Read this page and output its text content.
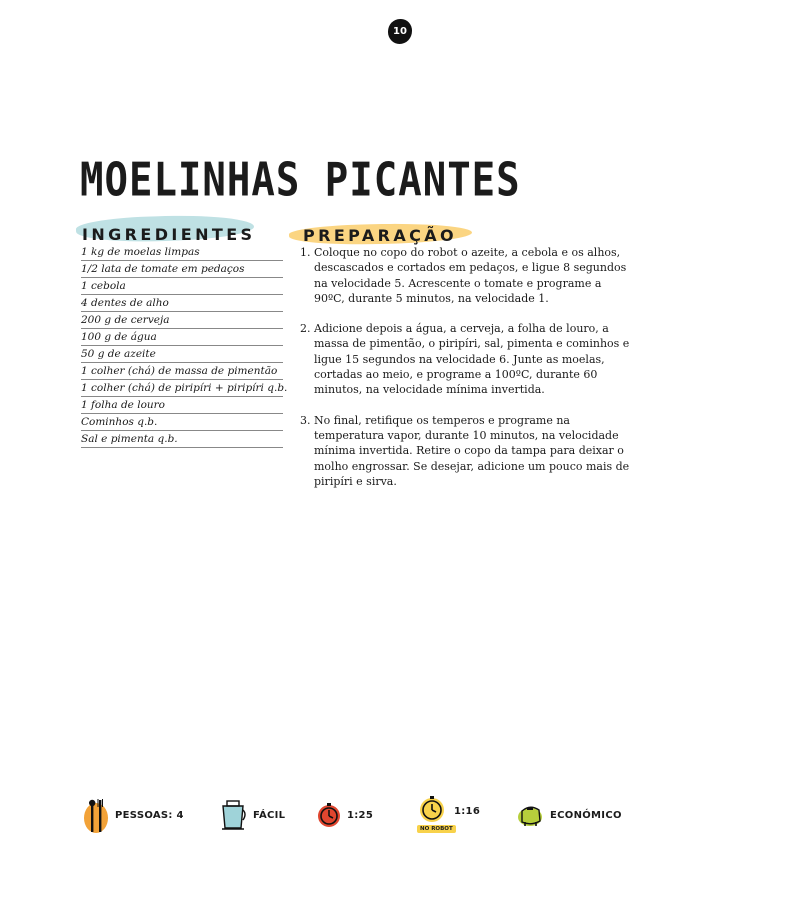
10
MOELINHAS PICANTES
INGREDIENTES
1 kg de moelas limpas
1/2 lata de tomate em pedaços
1 cebola
4 dentes de alho
200 g de cerveja
100 g de água
50 g de azeite
1 colher (chá) de massa de pimentão
1 colher (chá) de piripíri + piripíri q.b.
1 folha de louro
Cominhos q.b.
Sal e pimenta q.b.
PREPARAÇÃO
1. Coloque no copo do robot o azeite, a cebola e os alhos, descascados e cortados em pedaços, e ligue 8 segundos na velocidade 5. Acrescente o tomate e programe a 90ºC, durante 5 minutos, na velocidade 1.
2. Adicione depois a água, a cerveja, a folha de louro, a massa de pimentão, o piripíri, sal, pimenta e cominhos e ligue 15 segundos na velocidade 6. Junte as moelas, cortadas ao meio, e programe a 100ºC, durante 60 minutos, na velocidade mínima invertida.
3. No final, retifique os temperos e programe na temperatura vapor, durante 10 minutos, na velocidade mínima invertida. Retire o copo da tampa para deixar o molho engrossar. Se desejar, adicione um pouco mais de piripíri e sirva.
PESSOAS: 4	FÁCIL	1:25
NO ROBOT
1:16	ECONÓMICO
